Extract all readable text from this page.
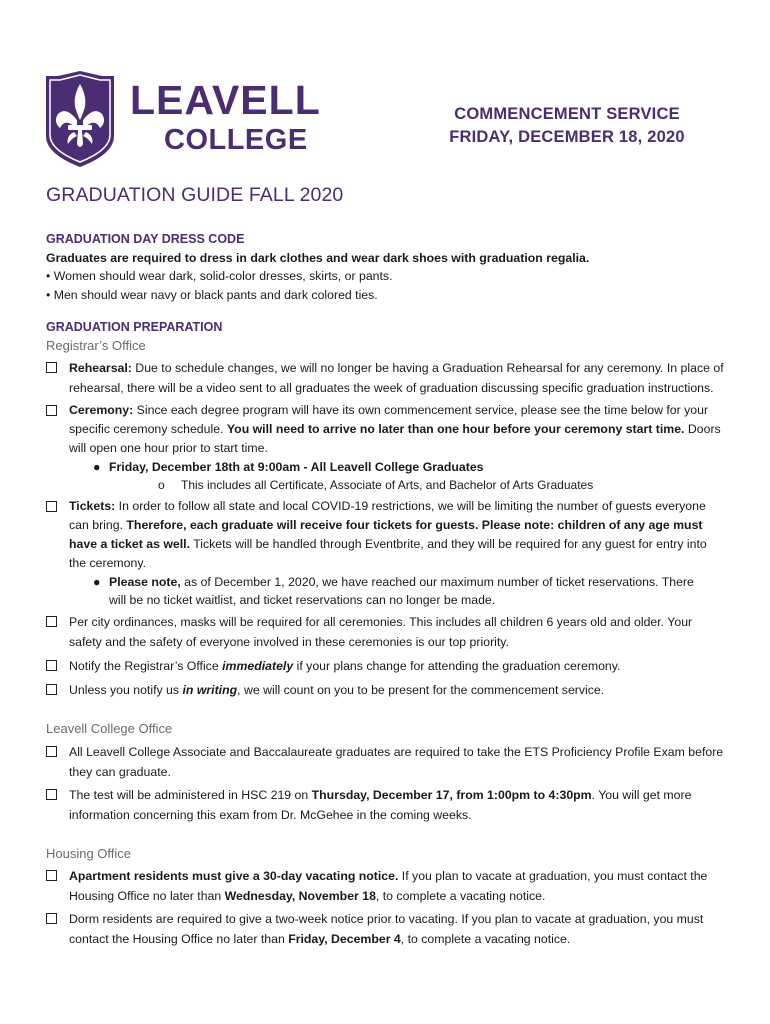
LEAVELL
COLLEGE
COMMENCEMENT SERVICE
FRIDAY, DECEMBER 18, 2020
GRADUATION GUIDE FALL 2020

GRADUATION DAY DRESS CODE

Graduates are required to dress in dark clothes and wear dark shoes with graduation regalia.

• Women should wear dark, solid-color dresses, skirts, or pants.

• Men should wear navy or black pants and dark colored ties.

GRADUATION PREPARATION

Registrar’s Office

Rehearsal: Due to schedule changes, we will no longer be having a Graduation Rehearsal for any ceremony. In place of rehearsal, there will be a video sent to all graduates the week of graduation discussing specific graduation instructions.
Ceremony: Since each degree program will have its own commencement service, please see the time below for your specific ceremony schedule. You will need to arrive no later than one hour before your ceremony start time. Doors will open one hour prior to start time.
● Friday, December 18th at 9:00am - All Leavell College Graduates
o This includes all Certificate, Associate of Arts, and Bachelor of Arts Graduates
Tickets: In order to follow all state and local COVID-19 restrictions, we will be limiting the number of guests everyone can bring. Therefore, each graduate will receive four tickets for guests. Please note: children of any age must have a ticket as well. Tickets will be handled through Eventbrite, and they will be required for any guest for entry into the ceremony.
● Please note, as of December 1, 2020, we have reached our maximum number of ticket reservations. There will be no ticket waitlist, and ticket reservations can no longer be made.
Per city ordinances, masks will be required for all ceremonies. This includes all children 6 years old and older. Your safety and the safety of everyone involved in these ceremonies is our top priority.
Notify the Registrar’s Office immediately if your plans change for attending the graduation ceremony.
Unless you notify us in writing, we will count on you to be present for the commencement service.

Leavell College Office

All Leavell College Associate and Baccalaureate graduates are required to take the ETS Proficiency Profile Exam before they can graduate.
The test will be administered in HSC 219 on Thursday, December 17, from 1:00pm to 4:30pm. You will get more information concerning this exam from Dr. McGehee in the coming weeks.

Housing Office

Apartment residents must give a 30-day vacating notice. If you plan to vacate at graduation, you must contact the Housing Office no later than Wednesday, November 18, to complete a vacating notice.
Dorm residents are required to give a two-week notice prior to vacating. If you plan to vacate at graduation, you must contact the Housing Office no later than Friday, December 4, to complete a vacating notice.
